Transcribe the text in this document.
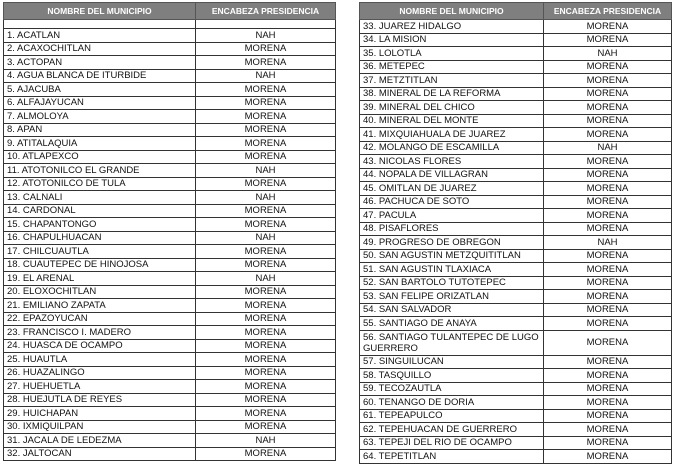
NOMBRE DEL MUNICIPIO	ENCABEZA PRESIDENCIA

1. ACATLAN	NAH
2. ACAXOCHITLAN	MORENA
3. ACTOPAN	MORENA
4. AGUA BLANCA DE ITURBIDE	NAH
5. AJACUBA	MORENA
6. ALFAJAYUCAN	MORENA
7. ALMOLOYA	MORENA
8. APAN	MORENA
9. ATITALAQUIA	MORENA
10. ATLAPEXCO	MORENA
11. ATOTONILCO EL GRANDE	NAH
12. ATOTONILCO DE TULA	MORENA
13. CALNALI	NAH
14. CARDONAL	MORENA
15. CHAPANTONGO	MORENA
16. CHAPULHUACAN	NAH
17. CHILCUAUTLA	MORENA
18. CUAUTEPEC DE HINOJOSA	MORENA
19. EL ARENAL	NAH
20. ELOXOCHITLAN	MORENA
21. EMILIANO ZAPATA	MORENA
22. EPAZOYUCAN	MORENA
23. FRANCISCO I. MADERO	MORENA
24. HUASCA DE OCAMPO	MORENA
25. HUAUTLA	MORENA
26. HUAZALINGO	MORENA
27. HUEHUETLA	MORENA
28. HUEJUTLA DE REYES	MORENA
29. HUICHAPAN	MORENA
30. IXMIQUILPAN	MORENA
31. JACALA DE LEDEZMA	NAH
32. JALTOCAN	MORENA
NOMBRE DEL MUNICIPIO	ENCABEZA PRESIDENCIA
33. JUAREZ HIDALGO	MORENA
34. LA MISION	MORENA
35. LOLOTLA	NAH
36. METEPEC	MORENA
37. METZTITLAN	MORENA
38. MINERAL DE LA REFORMA	MORENA
39. MINERAL DEL CHICO	MORENA
40. MINERAL DEL MONTE	MORENA
41. MIXQUIAHUALA DE JUAREZ	MORENA
42. MOLANGO DE ESCAMILLA	NAH
43. NICOLAS FLORES	MORENA
44. NOPALA DE VILLAGRAN	MORENA
45. OMITLAN DE JUAREZ	MORENA
46. PACHUCA DE SOTO	MORENA
47. PACULA	MORENA
48. PISAFLORES	MORENA
49. PROGRESO DE OBREGON	NAH
50. SAN AGUSTIN METZQUITITLAN	MORENA
51. SAN AGUSTIN TLAXIACA	MORENA
52. SAN BARTOLO TUTOTEPEC	MORENA
53. SAN FELIPE ORIZATLAN	MORENA
54. SAN SALVADOR	MORENA
55. SANTIAGO DE ANAYA	MORENA
56. SANTIAGO TULANTEPEC DE LUGO GUERRERO	MORENA
57. SINGUILUCAN	MORENA
58. TASQUILLO	MORENA
59. TECOZAUTLA	MORENA
60. TENANGO DE DORIA	MORENA
61. TEPEAPULCO	MORENA
62. TEPEHUACAN DE GUERRERO	MORENA
63. TEPEJI DEL RIO DE OCAMPO	MORENA
64. TEPETITLAN	MORENA
